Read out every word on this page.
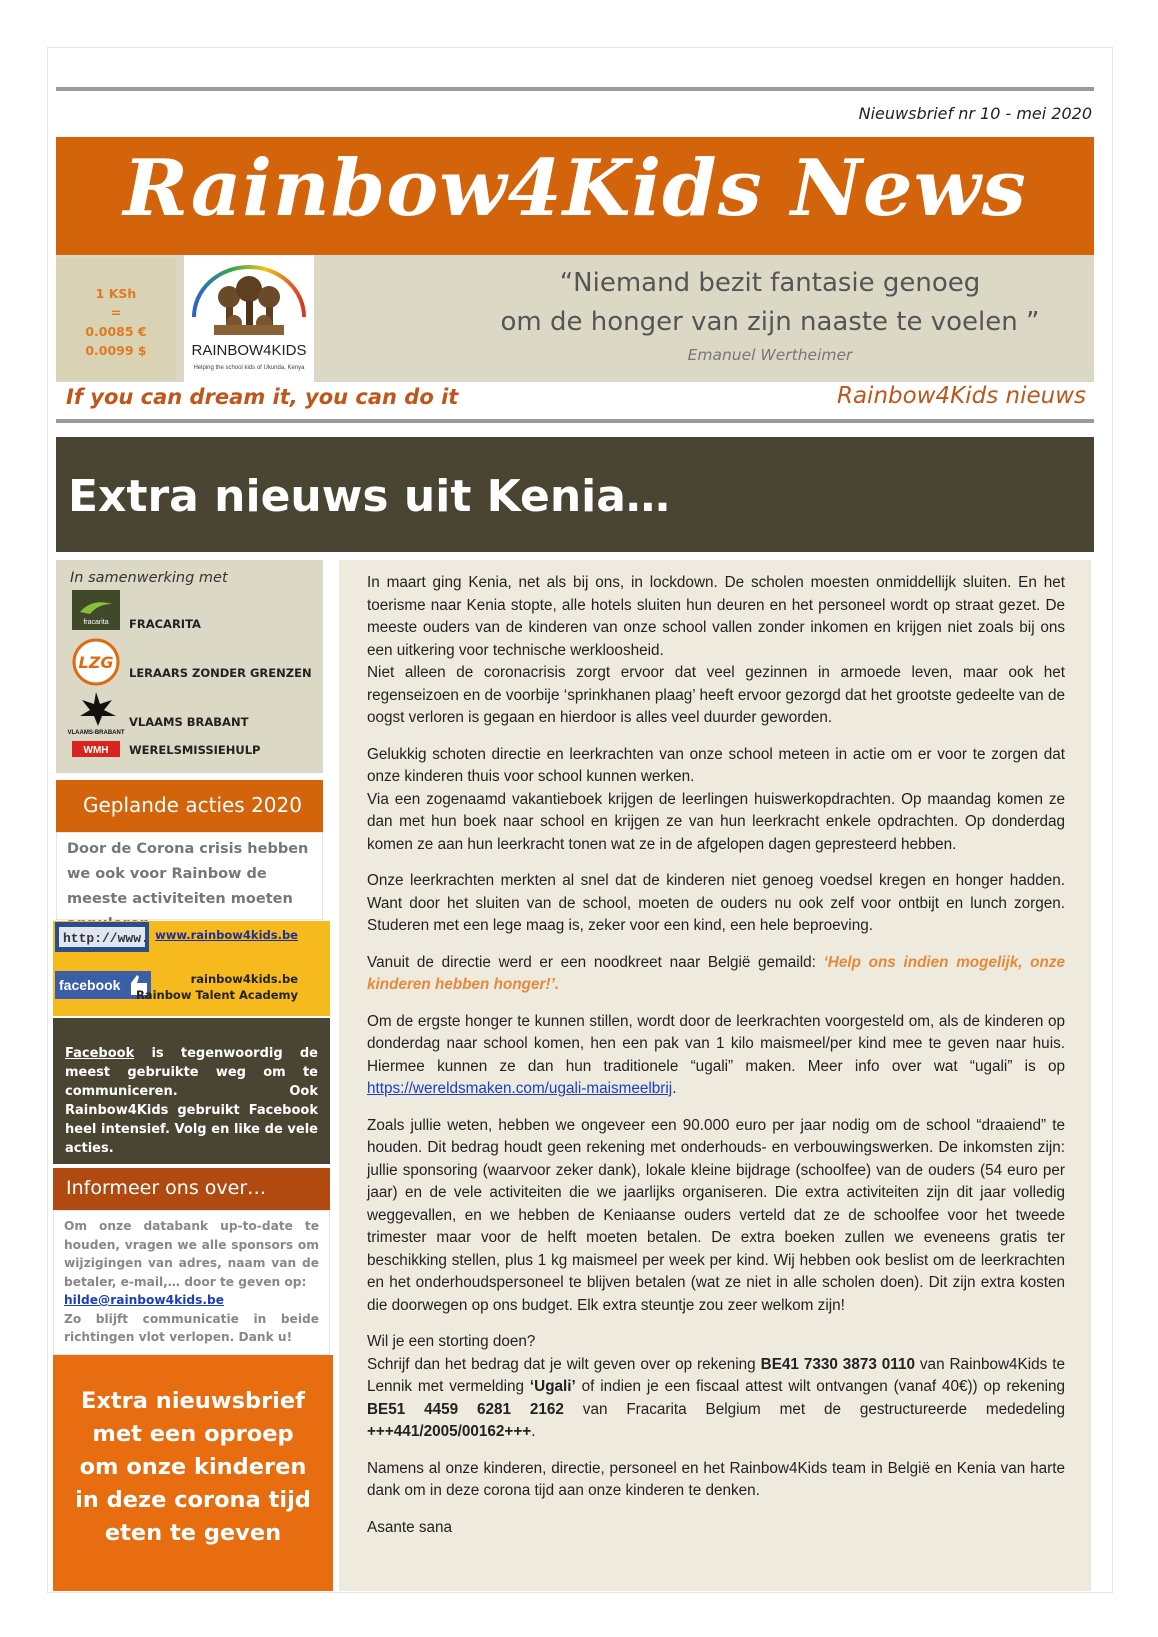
Nieuwsbrief nr 10 - mei 2020
Rainbow4Kids News
1 KSh
=
0.0085 €
0.0099 $	RAINBOW4KIDS
Helping the school kids of Ukunda, Kenya
“Niemand bezit fantasie genoeg
om de honger van zijn naaste te voelen ”
Emanuel Wertheimer
If you can dream it, you can do it	Rainbow4Kids nieuws
Extra nieuws uit Kenia…
In samenwerking met
fracarita FRACARITA
LZG
LERAARS ZONDER GRENZEN
VLAAMS-BRABANT
VLAAMS BRABANT
WMH WERELSMISSIEHULP
Geplande acties 2020
Door de Corona crisis hebben we ook voor Rainbow de meeste activiteiten moeten
http://www. www.rainbow4kids.be
facebook	rainbow4kids.be
Rainbow Talent Academy
Facebook is tegenwoordig de meest gebruikte weg om te communiceren. Ook Rainbow4Kids gebruikt Facebook heel intensief. Volg en like de vele acties.
Informeer ons over…
Om onze databank up-to-date te houden, vragen we alle sponsors om wijzigingen van adres, naam van de betaler, e-mail,… door te geven op:
hilde@rainbow4kids.be
Zo blijft communicatie in beide richtingen vlot verlopen. Dank u!
Extra nieuwsbrief
met een oproep
om onze kinderen
in deze corona tijd
eten te geven

In maart ging Kenia, net als bij ons, in lockdown. De scholen moesten onmiddellijk sluiten. En het toerisme naar Kenia stopte, alle hotels sluiten hun deuren en het personeel wordt op straat gezet. De meeste ouders van de kinderen van onze school vallen zonder inkomen en krijgen niet zoals bij ons een uitkering voor technische werkloosheid.
Niet alleen de coronacrisis zorgt ervoor dat veel gezinnen in armoede leven, maar ook het regenseizoen en de voorbije ‘sprinkhanen plaag’ heeft ervoor gezorgd dat het grootste gedeelte van de oogst verloren is gegaan en hierdoor is alles veel duurder geworden.

Gelukkig schoten directie en leerkrachten van onze school meteen in actie om er voor te zorgen dat onze kinderen thuis voor school kunnen werken.
Via een zogenaamd vakantieboek krijgen de leerlingen huiswerkopdrachten. Op maandag komen ze dan met hun boek naar school en krijgen ze van hun leerkracht enkele opdrachten. Op donderdag komen ze aan hun leerkracht tonen wat ze in de afgelopen dagen gepresteerd hebben.

Onze leerkrachten merkten al snel dat de kinderen niet genoeg voedsel kregen en honger hadden. Want door het sluiten van de school, moeten de ouders nu ook zelf voor ontbijt en lunch zorgen. Studeren met een lege maag is, zeker voor een kind, een hele beproeving.

Vanuit de directie werd er een noodkreet naar België gemaild: ‘Help ons indien mogelijk, onze kinderen hebben honger!’.

Om de ergste honger te kunnen stillen, wordt door de leerkrachten voorgesteld om, als de kinderen op donderdag naar school komen, hen een pak van 1 kilo maismeel/per kind mee te geven naar huis. Hiermee kunnen ze dan hun traditionele “ugali” maken. Meer info over wat “ugali” is op https://wereldsmaken.com/ugali-maismeelbrij.

Zoals jullie weten, hebben we ongeveer een 90.000 euro per jaar nodig om de school “draaiend” te houden. Dit bedrag houdt geen rekening met onderhouds- en verbouwingswerken. De inkomsten zijn: jullie sponsoring (waarvoor zeker dank), lokale kleine bijdrage (schoolfee) van de ouders (54 euro per jaar) en de vele activiteiten die we jaarlijks organiseren. Die extra activiteiten zijn dit jaar volledig weggevallen, en we hebben de Keniaanse ouders verteld dat ze de schoolfee voor het tweede trimester maar voor de helft moeten betalen. De extra boeken zullen we eveneens gratis ter beschikking stellen, plus 1 kg maismeel per week per kind. Wij hebben ook beslist om de leerkrachten en het onderhoudspersoneel te blijven betalen (wat ze niet in alle scholen doen). Dit zijn extra kosten die doorwegen op ons budget. Elk extra steuntje zou zeer welkom zijn!

Wil je een storting doen?
Schrijf dan het bedrag dat je wilt geven over op rekening BE41 7330 3873 0110 van Rainbow4Kids te Lennik met vermelding ‘Ugali’ of indien je een fiscaal attest wilt ontvangen (vanaf 40€)) op rekening BE51 4459 6281 2162 van Fracarita Belgium met de gestructureerde mededeling +++441/2005/00162+++.

Namens al onze kinderen, directie, personeel en het Rainbow4Kids team in België en Kenia van harte dank om in deze corona tijd aan onze kinderen te denken.

Asante sana
